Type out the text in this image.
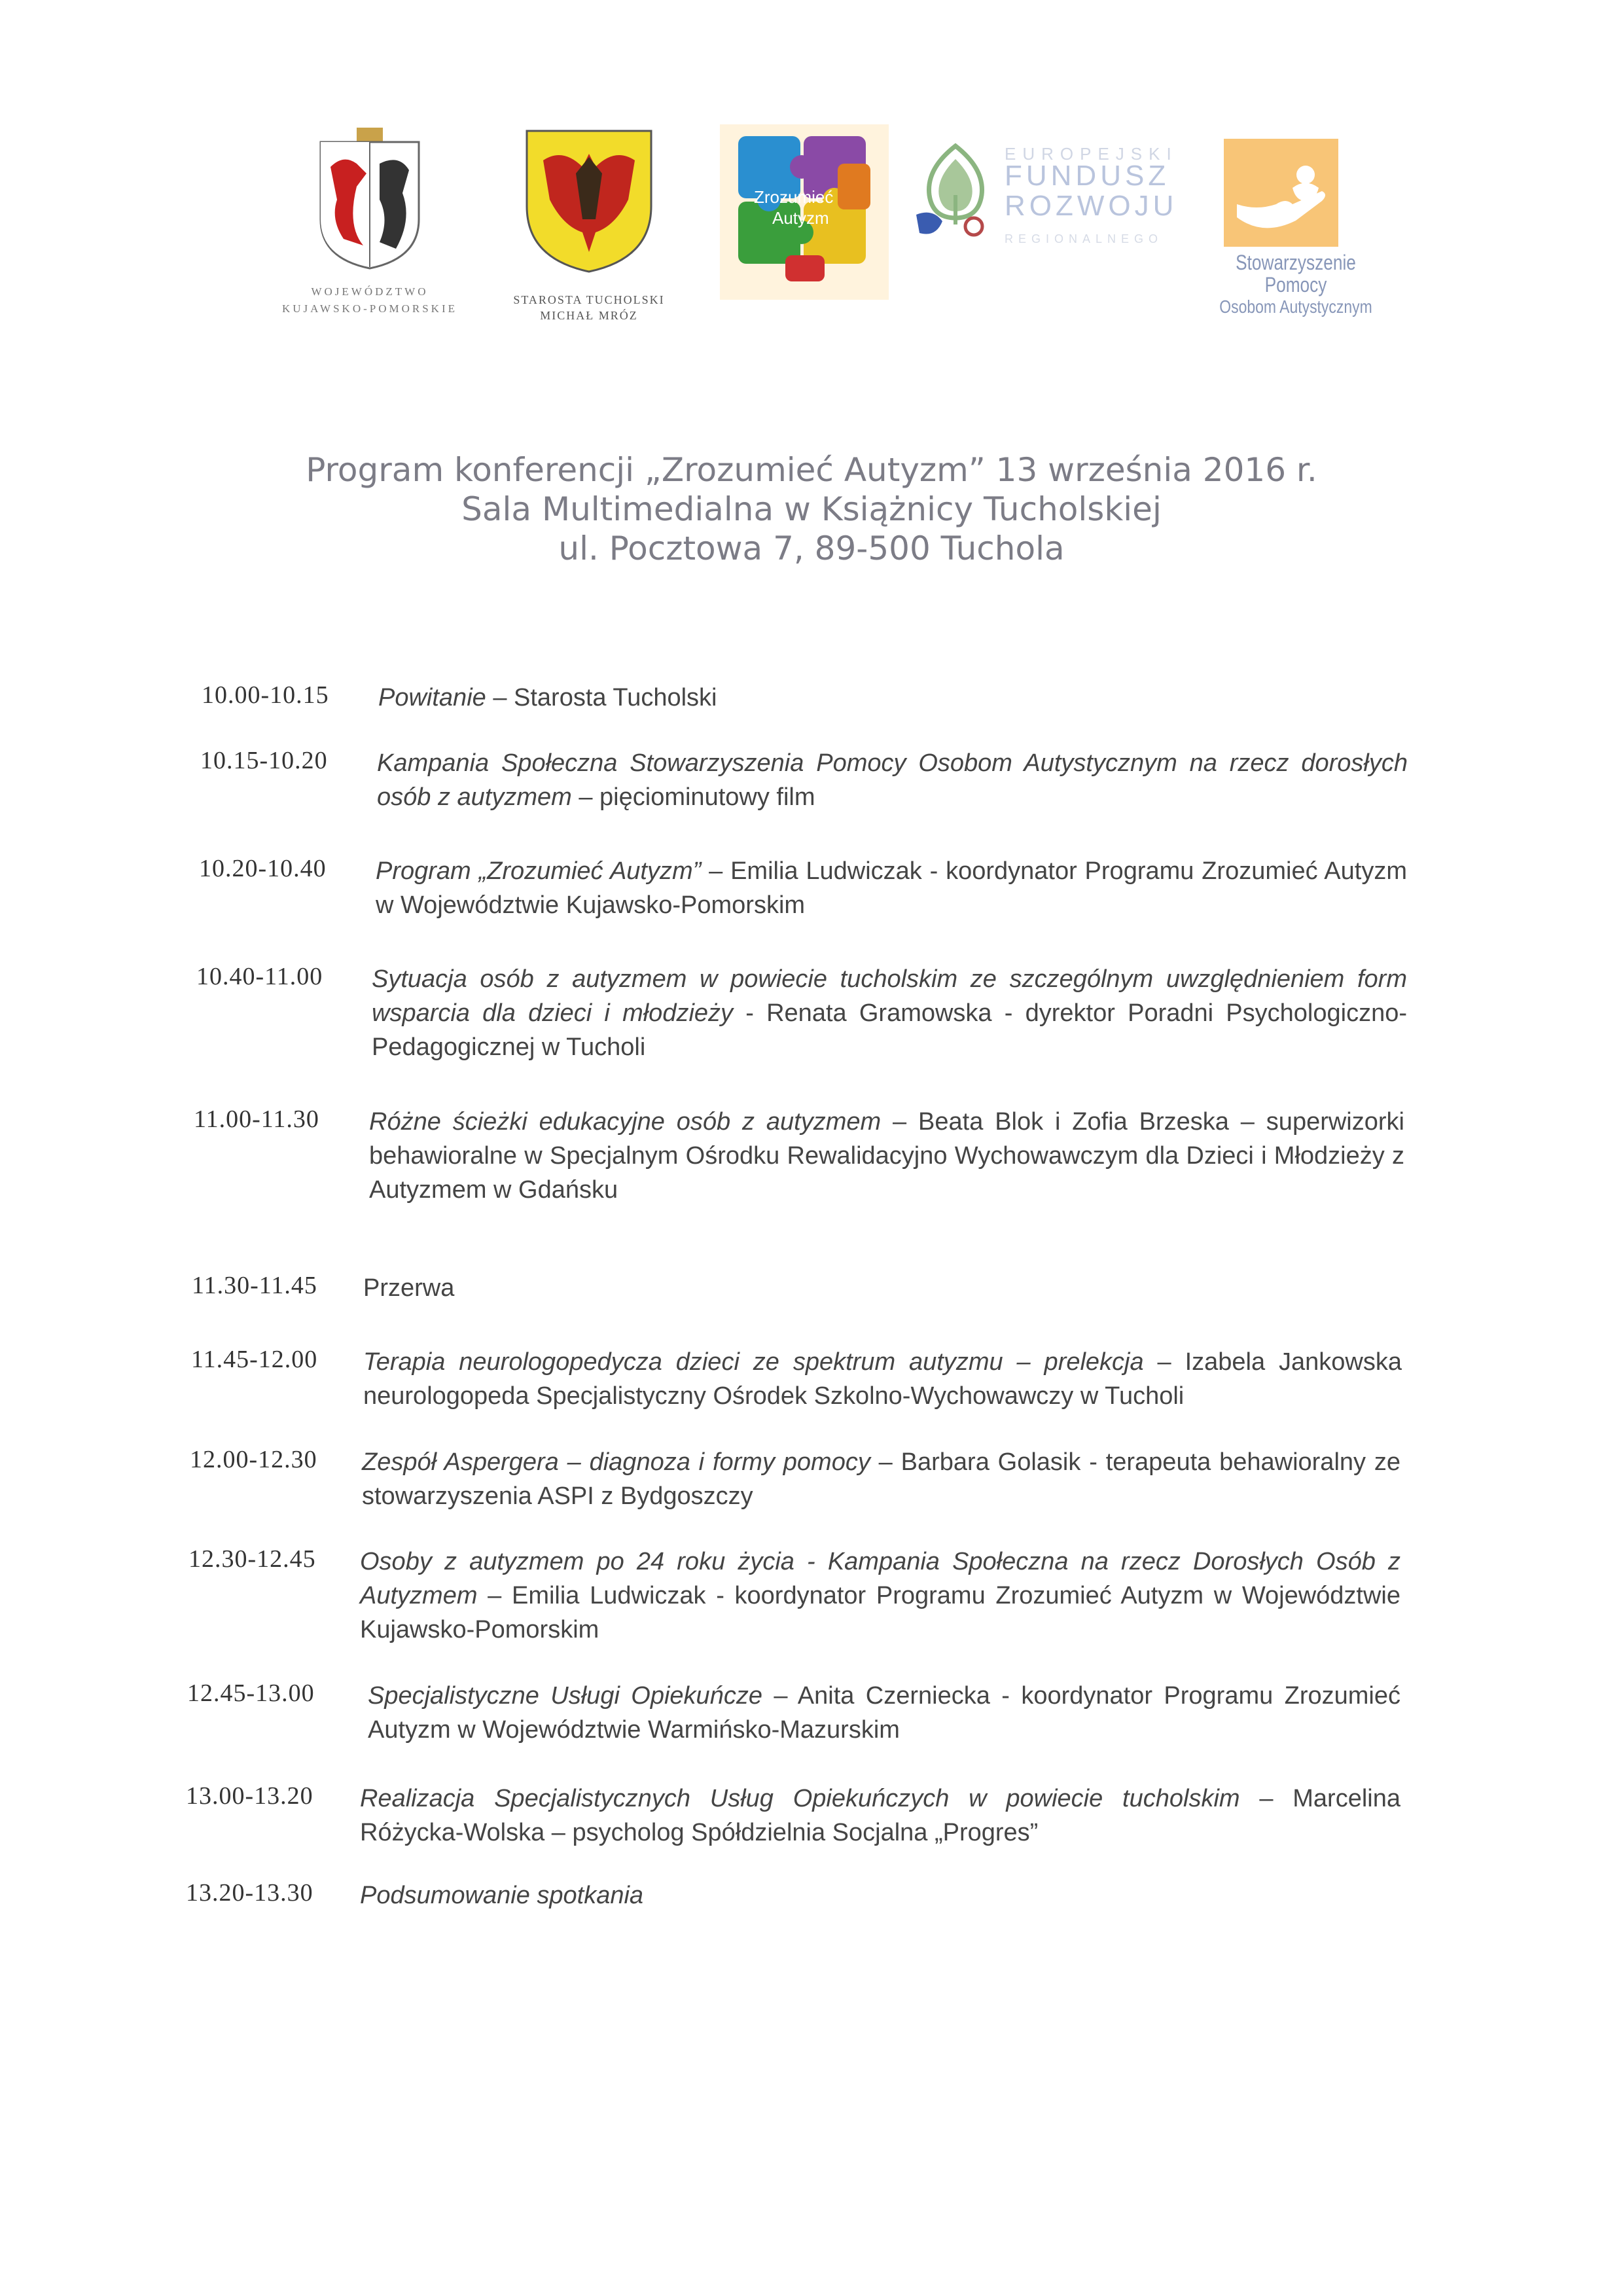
WOJEWÓDZTWO
KUJAWSKO-POMORSKIE
STAROSTA TUCHOLSKI
MICHAŁ MRÓZ
Zrozumieć
Autyzm
EUROPEJSKI
FUNDUSZ
ROZWOJU
REGIONALNEGO
Stowarzyszenie Pomocy
Osobom Autystycznym
Program konferencji „Zrozumieć Autyzm” 13 września 2016 r.
Sala Multimedialna w Książnicy Tucholskiej
ul. Pocztowa 7, 89-500 Tuchola
10.00-10.15	Powitanie – Starosta Tucholski
10.15-10.20	Kampania Społeczna Stowarzyszenia Pomocy Osobom Autystycznym na rzecz dorosłych osób z autyzmem – pięciominutowy film
10.20-10.40	Program „Zrozumieć Autyzm” – Emilia Ludwiczak - koordynator Programu Zrozumieć Autyzm w Województwie Kujawsko-Pomorskim
10.40-11.00	Sytuacja osób z autyzmem w powiecie tucholskim ze szczególnym uwzględnieniem form wsparcia dla dzieci i młodzieży - Renata Gramowska - dyrektor Poradni Psychologiczno-Pedagogicznej w Tucholi
11.00-11.30	Różne ścieżki edukacyjne osób z autyzmem – Beata Blok i Zofia Brzeska – superwizorki behawioralne w Specjalnym Ośrodku Rewalidacyjno Wychowawczym dla Dzieci i Młodzieży z Autyzmem w Gdańsku
11.30-11.45	Przerwa
11.45-12.00	Terapia neurologopedycza dzieci ze spektrum autyzmu – prelekcja – Izabela Jankowska neurologopeda Specjalistyczny Ośrodek Szkolno-Wychowawczy w Tucholi
12.00-12.30	Zespół Aspergera – diagnoza i formy pomocy – Barbara Golasik - terapeuta behawioralny ze stowarzyszenia ASPI z Bydgoszczy
12.30-12.45	Osoby z autyzmem po 24 roku życia - Kampania Społeczna na rzecz Dorosłych Osób z Autyzmem – Emilia Ludwiczak - koordynator Programu Zrozumieć Autyzm w Województwie Kujawsko-Pomorskim
12.45-13.00	Specjalistyczne Usługi Opiekuńcze – Anita Czerniecka - koordynator Programu Zrozumieć Autyzm w Województwie Warmińsko-Mazurskim
13.00-13.20	Realizacja Specjalistycznych Usług Opiekuńczych w powiecie tucholskim – Marcelina Różycka-Wolska – psycholog Spółdzielnia Socjalna „Progres”
13.20-13.30	Podsumowanie spotkania
